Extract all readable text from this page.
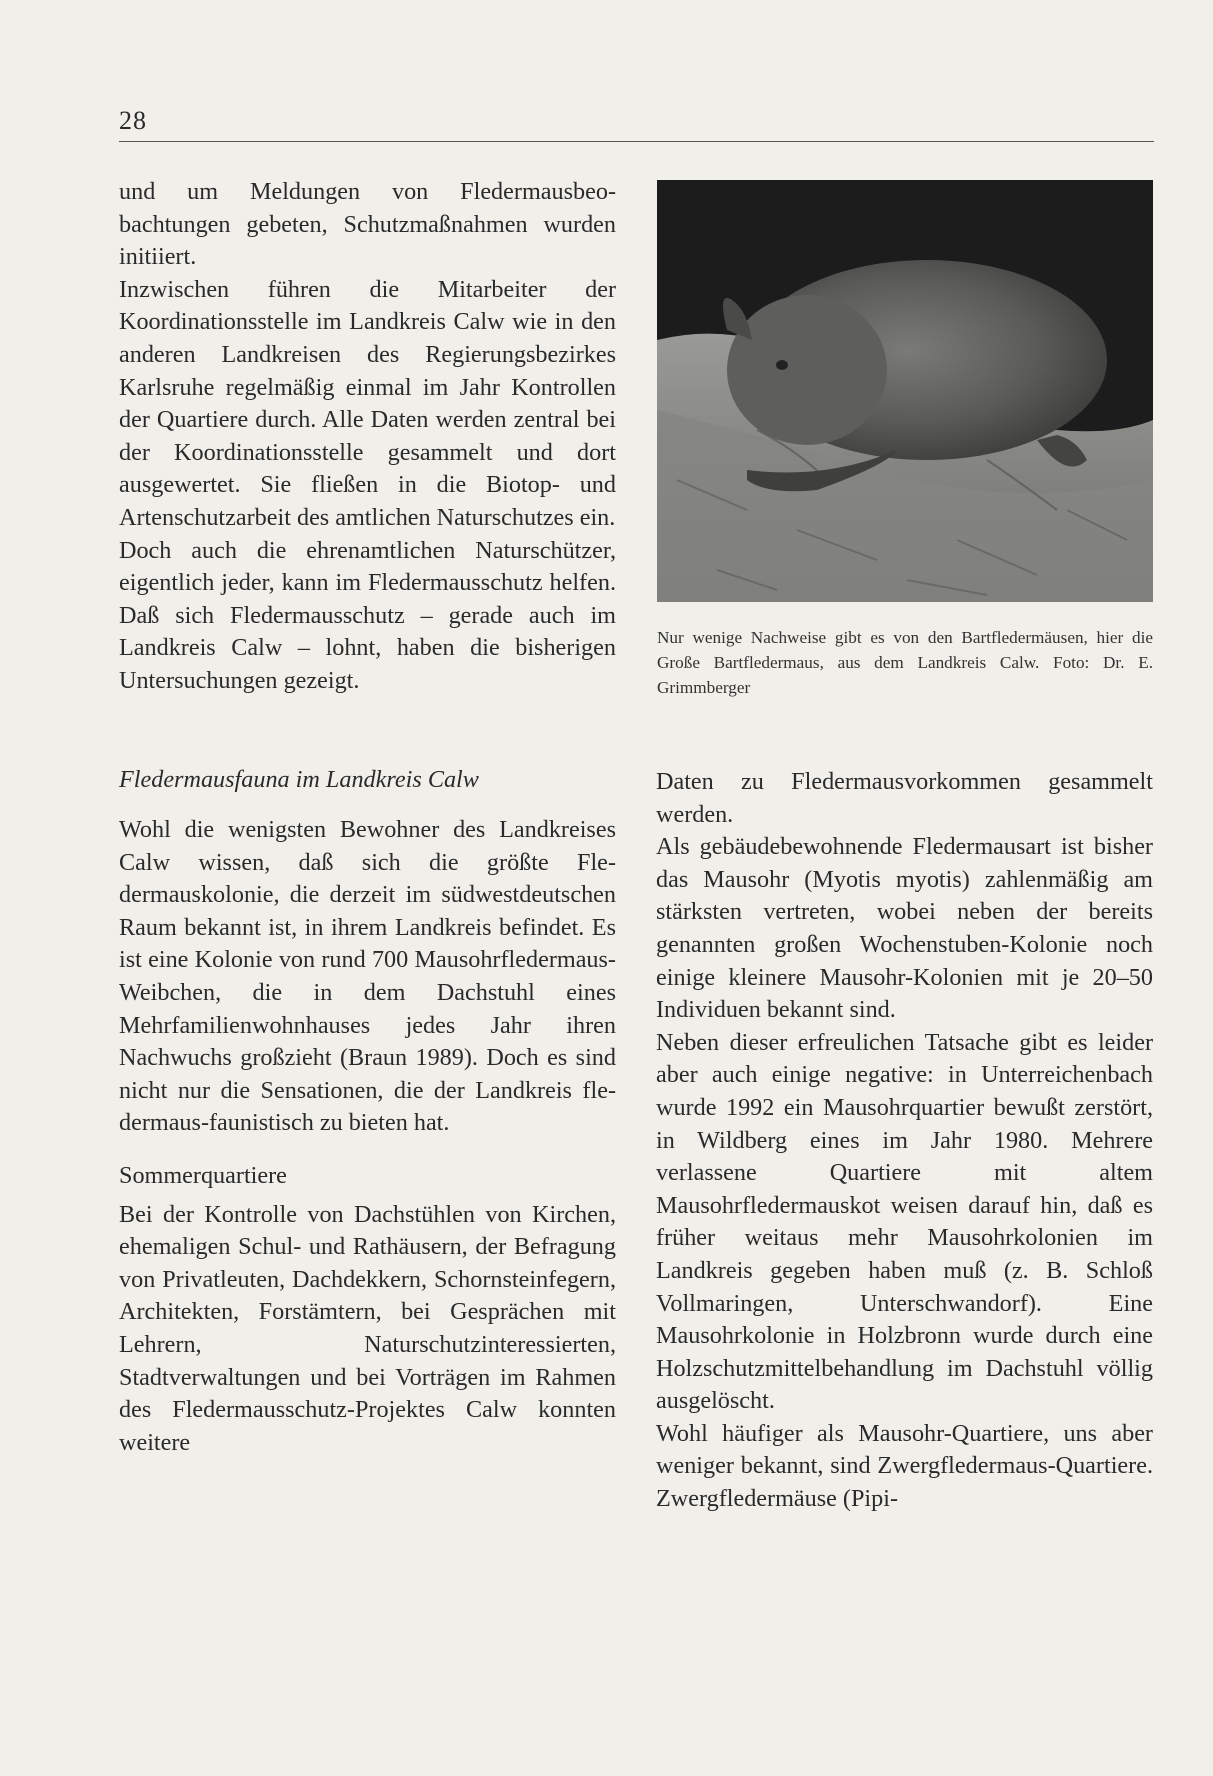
28

und um Meldungen von Fledermausbeobachtungen gebeten, Schutzmaßnahmen wurden initiiert.

Inzwischen führen die Mitarbeiter der Koordinationsstelle im Landkreis Calw wie in den anderen Landkreisen des Regierungsbezirkes Karlsruhe regelmäßig einmal im Jahr Kontrollen der Quartiere durch. Alle Daten werden zentral bei der Koordinationsstelle gesammelt und dort ausgewertet. Sie fließen in die Biotop- und Artenschutzarbeit des amtlichen Naturschutzes ein.

Doch auch die ehrenamtlichen Naturschützer, eigentlich jeder, kann im Fledermausschutz helfen. Daß sich Fledermausschutz – gerade auch im Landkreis Calw – lohnt, haben die bisherigen Untersuchungen gezeigt.

Fledermausfauna im Landkreis Calw

Wohl die wenigsten Bewohner des Landkreises Calw wissen, daß sich die größte Fledermauskolonie, die derzeit im südwestdeutschen Raum bekannt ist, in ihrem Landkreis befindet. Es ist eine Kolonie von rund 700 Mausohrfledermaus-Weibchen, die in dem Dachstuhl eines Mehrfamilienwohnhauses jedes Jahr ihren Nachwuchs großzieht (Braun 1989). Doch es sind nicht nur die Sensationen, die der Landkreis fledermaus-faunistisch zu bieten hat.

Sommerquartiere

Bei der Kontrolle von Dachstühlen von Kirchen, ehemaligen Schul- und Rathäusern, der Befragung von Privatleuten, Dachdekkern, Schornsteinfegern, Architekten, Forstämtern, bei Gesprächen mit Lehrern, Naturschutzinteressierten, Stadtverwaltungen und bei Vorträgen im Rahmen des Fledermausschutz-Projektes Calw konnten weitere

Nur wenige Nachweise gibt es von den Bartfledermäusen, hier die Große Bartfledermaus, aus dem Landkreis Calw. Foto: Dr. E. Grimmberger

Daten zu Fledermausvorkommen gesammelt werden.

Als gebäudebewohnende Fledermausart ist bisher das Mausohr (Myotis myotis) zahlenmäßig am stärksten vertreten, wobei neben der bereits genannten großen Wochenstuben-Kolonie noch einige kleinere Mausohr-Kolonien mit je 20–50 Individuen bekannt sind.

Neben dieser erfreulichen Tatsache gibt es leider aber auch einige negative: in Unterreichenbach wurde 1992 ein Mausohrquartier bewußt zerstört, in Wildberg eines im Jahr 1980. Mehrere verlassene Quartiere mit altem Mausohrfledermauskot weisen darauf hin, daß es früher weitaus mehr Mausohrkolonien im Landkreis gegeben haben muß (z. B. Schloß Vollmaringen, Unterschwandorf). Eine Mausohrkolonie in Holzbronn wurde durch eine Holzschutzmittelbehandlung im Dachstuhl völlig ausgelöscht.

Wohl häufiger als Mausohr-Quartiere, uns aber weniger bekannt, sind Zwergfledermaus-Quartiere. Zwergfledermäuse (Pipi-
